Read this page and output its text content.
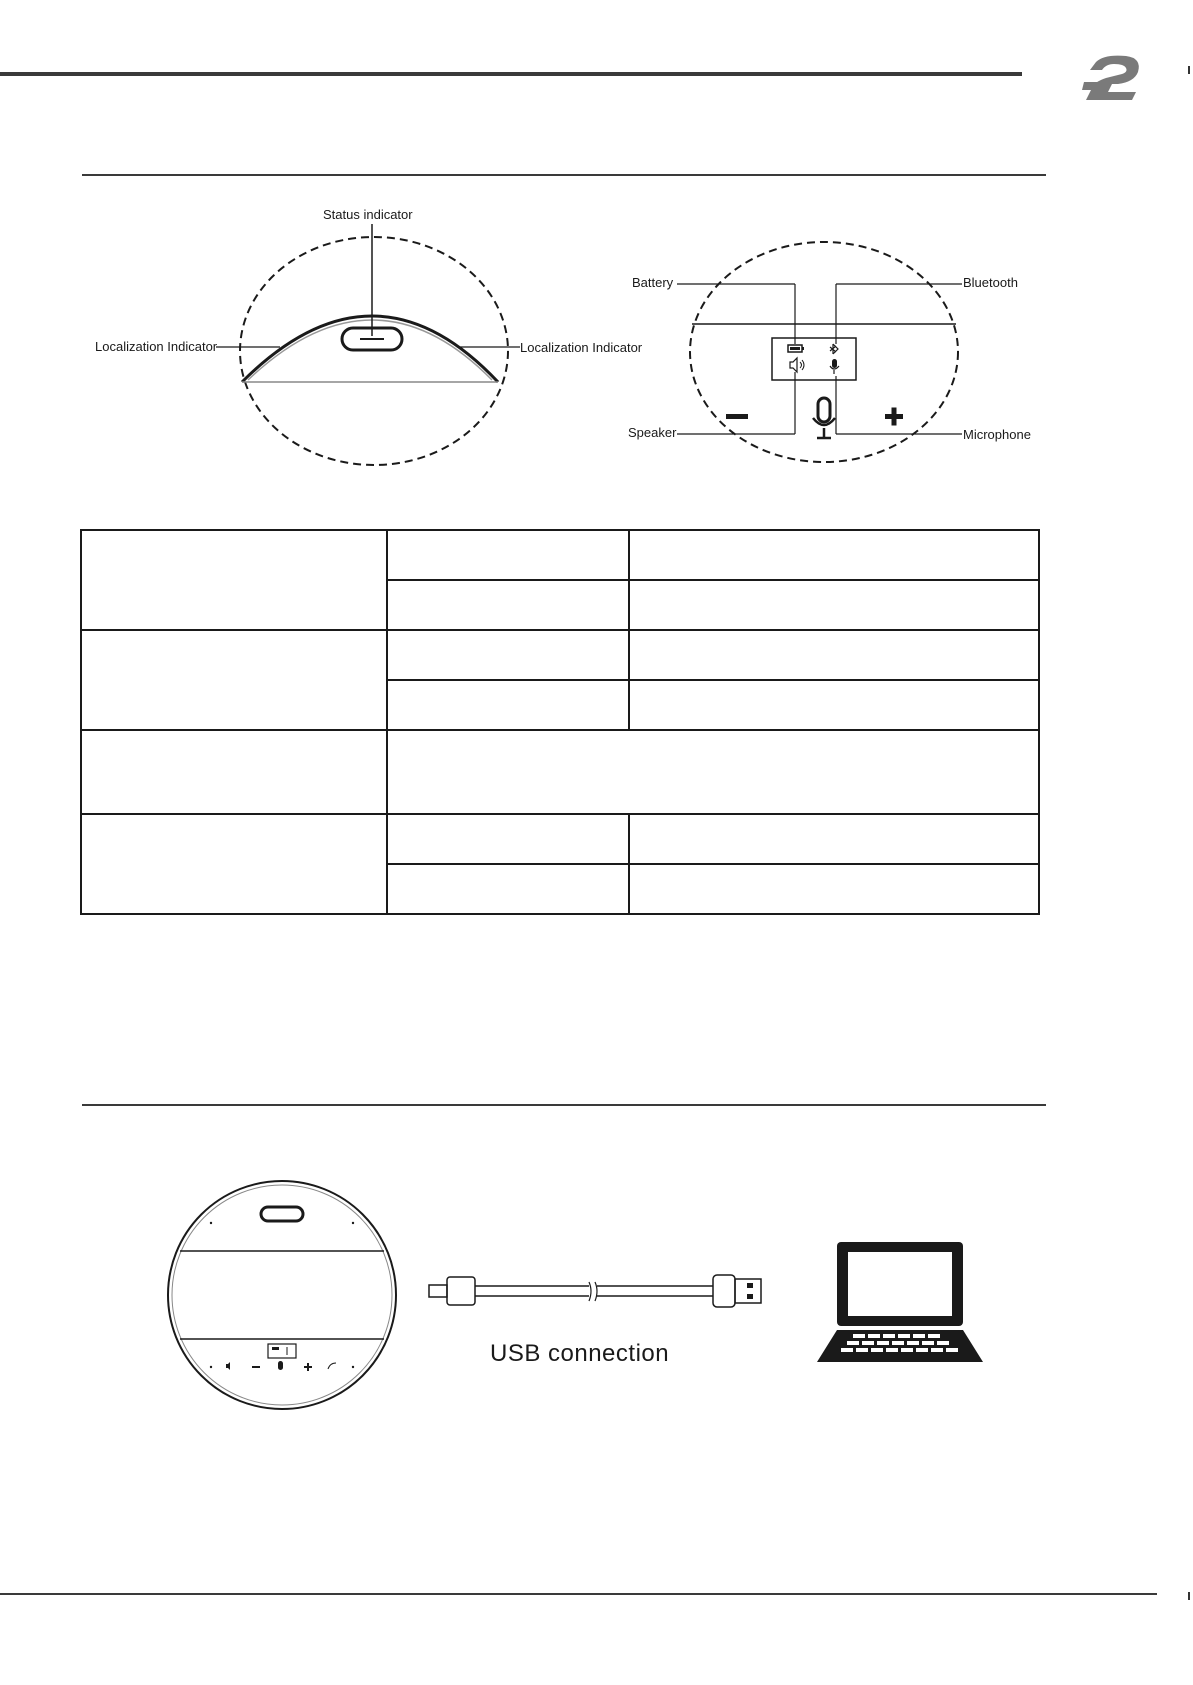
Status indicator
Localization Indicator	Localization Indicator
Battery	Bluetooth
Speaker	Microphone

USB connection
